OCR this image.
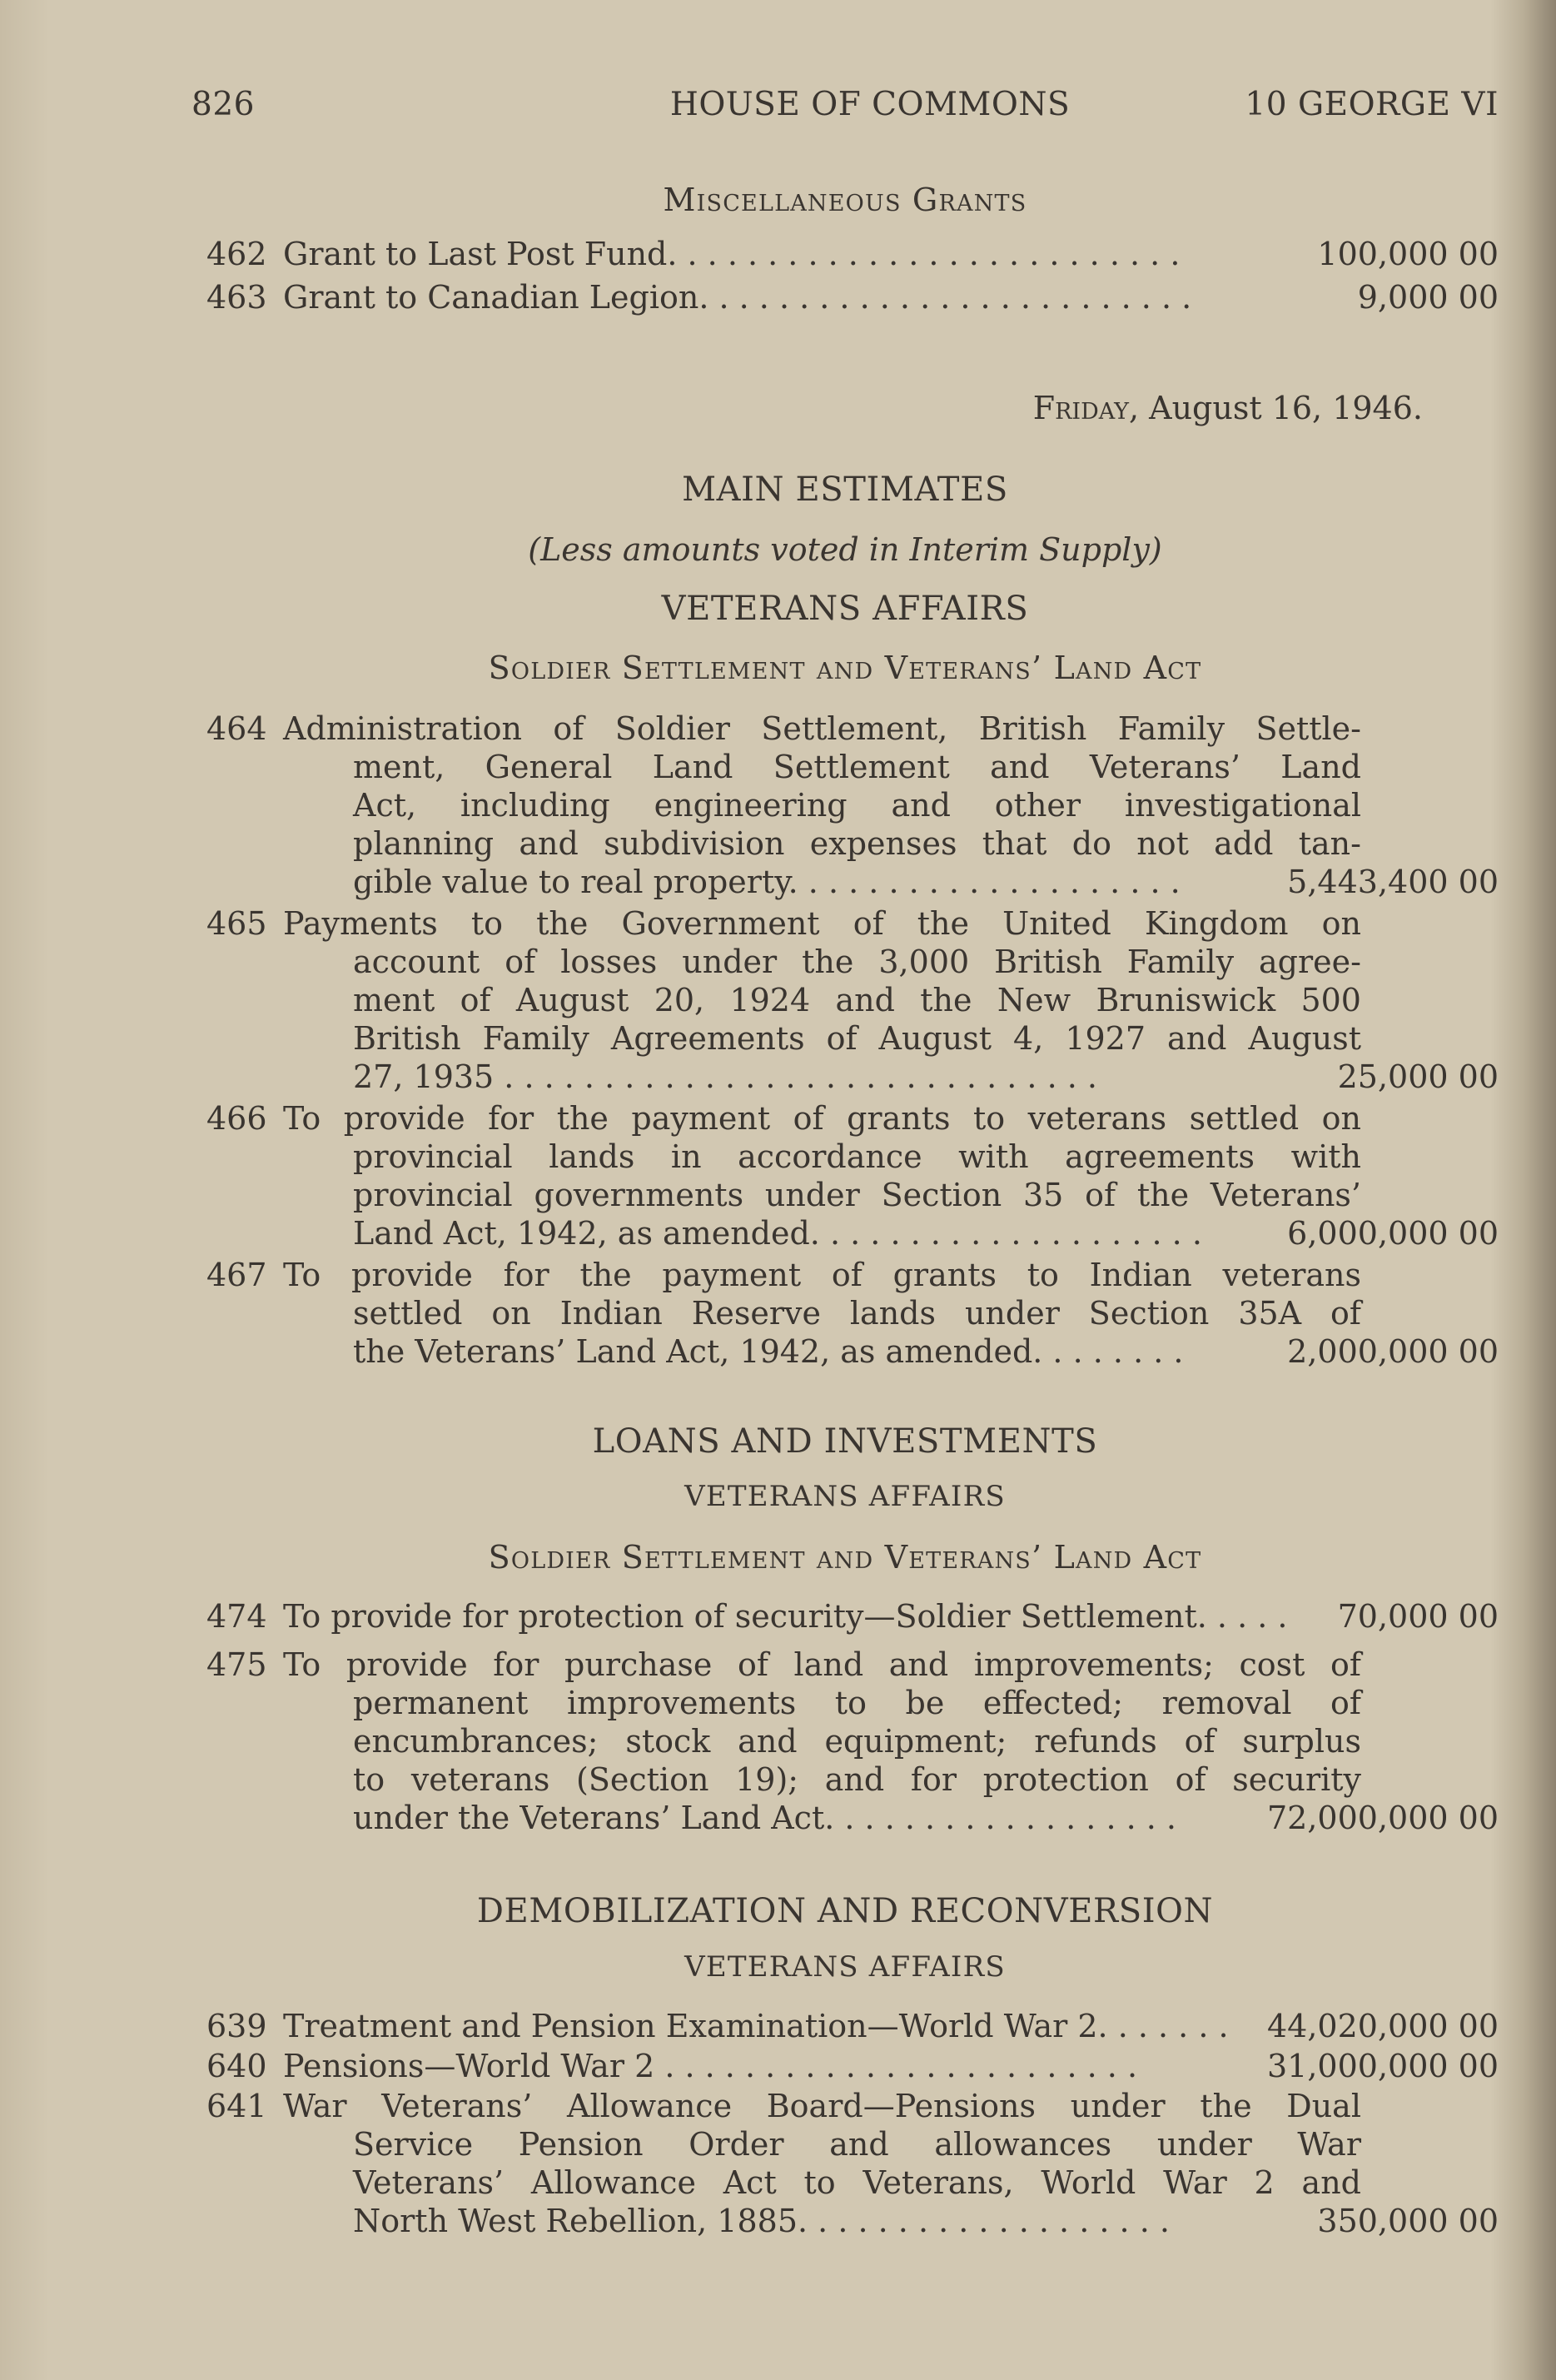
826	HOUSE OF COMMONS	10 GEORGE VI
Miscellaneous Grants
462 Grant to Last Post Fund. . . . . . . . . . . . . . . . . . . . . . . . . .	100,000 00
463 Grant to Canadian Legion. . . . . . . . . . . . . . . . . . . . . . . . .	9,000 00
Friday, August 16, 1946.
MAIN ESTIMATES
(Less amounts voted in Interim Supply)
VETERANS AFFAIRS
Soldier Settlement and Veterans’ Land Act
464 Administration of Soldier Settlement, British Family Settle-
ment, General Land Settlement and Veterans’ Land
Act, including engineering and other investigational
planning and subdivision expenses that do not add tan-
gible value to real property. . . . . . . . . . . . . . . . . . . .	5,443,400 00
465 Payments to the Government of the United Kingdom on
account of losses under the 3,000 British Family agree-
ment of August 20, 1924 and the New Bruniswick 500
British Family Agreements of August 4, 1927 and August
27, 1935 . . . . . . . . . . . . . . . . . . . . . . . . . . . . . .	25,000 00
466 To provide for the payment of grants to veterans settled on
provincial lands in accordance with agreements with
provincial governments under Section 35 of the Veterans’
Land Act, 1942, as amended. . . . . . . . . . . . . . . . . . . .	6,000,000 00
467 To provide for the payment of grants to Indian veterans
settled on Indian Reserve lands under Section 35A of
the Veterans’ Land Act, 1942, as amended. . . . . . . .	2,000,000 00
LOANS AND INVESTMENTS
VETERANS AFFAIRS
Soldier Settlement and Veterans’ Land Act
474 To provide for protection of security—Soldier Settlement. . . . .	70,000 00
475 To provide for purchase of land and improvements; cost of
permanent improvements to be effected; removal of
encumbrances; stock and equipment; refunds of surplus
to veterans (Section 19); and for protection of security
under the Veterans’ Land Act. . . . . . . . . . . . . . . . . .	72,000,000 00
DEMOBILIZATION AND RECONVERSION
VETERANS AFFAIRS
639 Treatment and Pension Examination—World War 2. . . . . . .	44,020,000 00
640 Pensions—World War 2 . . . . . . . . . . . . . . . . . . . . . . . .	31,000,000 00
641 War Veterans’ Allowance Board—Pensions under the Dual
Service Pension Order and allowances under War
Veterans’ Allowance Act to Veterans, World War 2 and
North West Rebellion, 1885. . . . . . . . . . . . . . . . . . .	350,000 00
